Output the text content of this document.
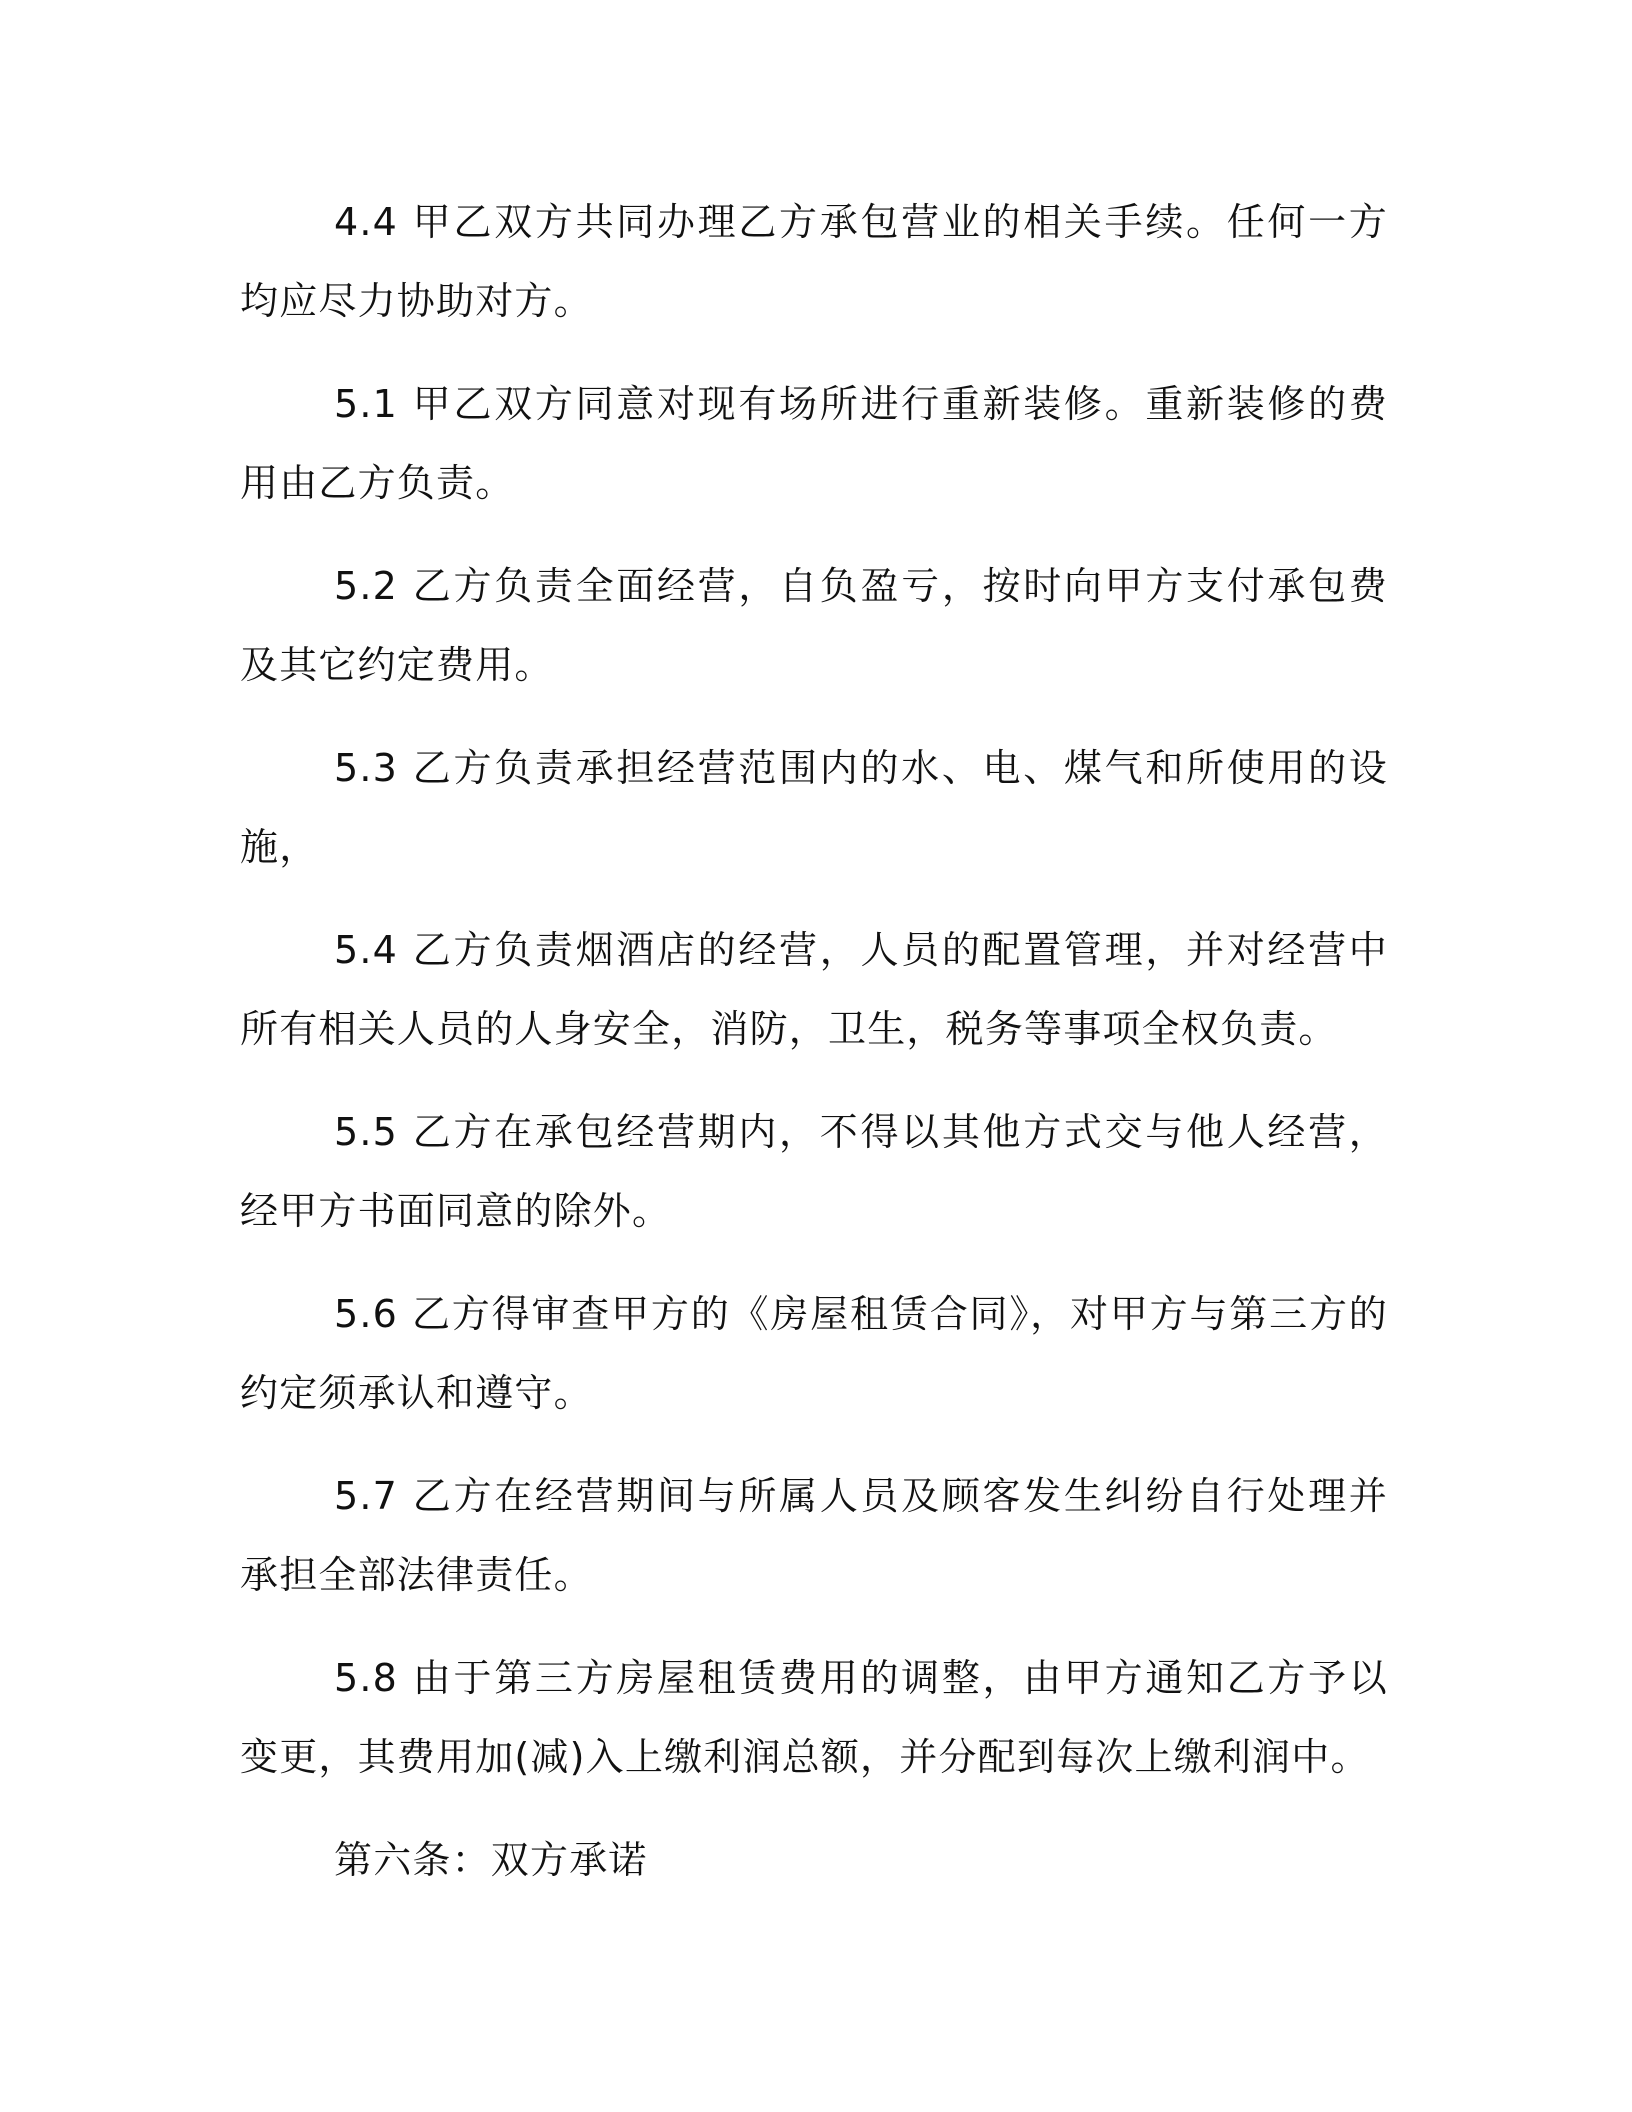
4.4 甲乙双方共同办理乙方承包营业的相关手续。任何一方均应尽力协助对方。

5.1 甲乙双方同意对现有场所进行重新装修。重新装修的费用由乙方负责。

5.2 乙方负责全面经营，自负盈亏，按时向甲方支付承包费及其它约定费用。

5.3 乙方负责承担经营范围内的水、电、煤气和所使用的设施，

5.4 乙方负责烟酒店的经营，人员的配置管理，并对经营中所有相关人员的人身安全，消防，卫生，税务等事项全权负责。

5.5 乙方在承包经营期内，不得以其他方式交与他人经营，经甲方书面同意的除外。

5.6 乙方得审查甲方的《房屋租赁合同》，对甲方与第三方的约定须承认和遵守。

5.7 乙方在经营期间与所属人员及顾客发生纠纷自行处理并承担全部法律责任。

5.8 由于第三方房屋租赁费用的调整，由甲方通知乙方予以变更，其费用加(减)入上缴利润总额，并分配到每次上缴利润中。

第六条：双方承诺
